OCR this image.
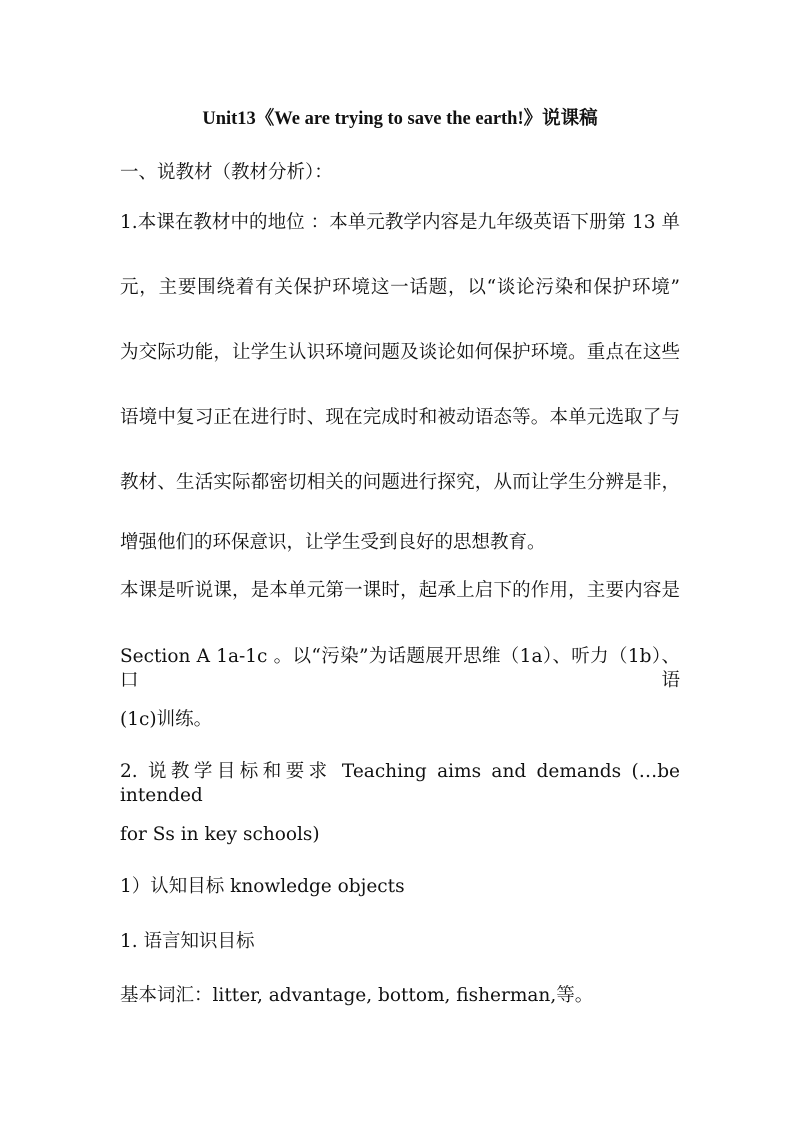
Unit13《We are trying to save the earth!》说课稿
一、说教材（教材分析）：
1.本课在教材中的地位 ：本单元教学内容是九年级英语下册第 13 单
元，主要围绕着有关保护环境这一话题，以“谈论污染和保护环境”
为交际功能，让学生认识环境问题及谈论如何保护环境。重点在这些
语境中复习正在进行时、现在完成时和被动语态等。本单元选取了与
教材、生活实际都密切相关的问题进行探究，从而让学生分辨是非，
增强他们的环保意识，让学生受到良好的思想教育。
本课是听说课，是本单元第一课时，起承上启下的作用，主要内容是
Section A 1a-1c 。以“污染”为话题展开思维（1a）、听力（1b）、口语
(1c)训练。
2. 说教学目标和要求 Teaching aims and demands (…be intended
for Ss in key schools)
1）认知目标 knowledge objects
1. 语言知识目标
基本词汇：litter, advantage, bottom, fisherman,等。
